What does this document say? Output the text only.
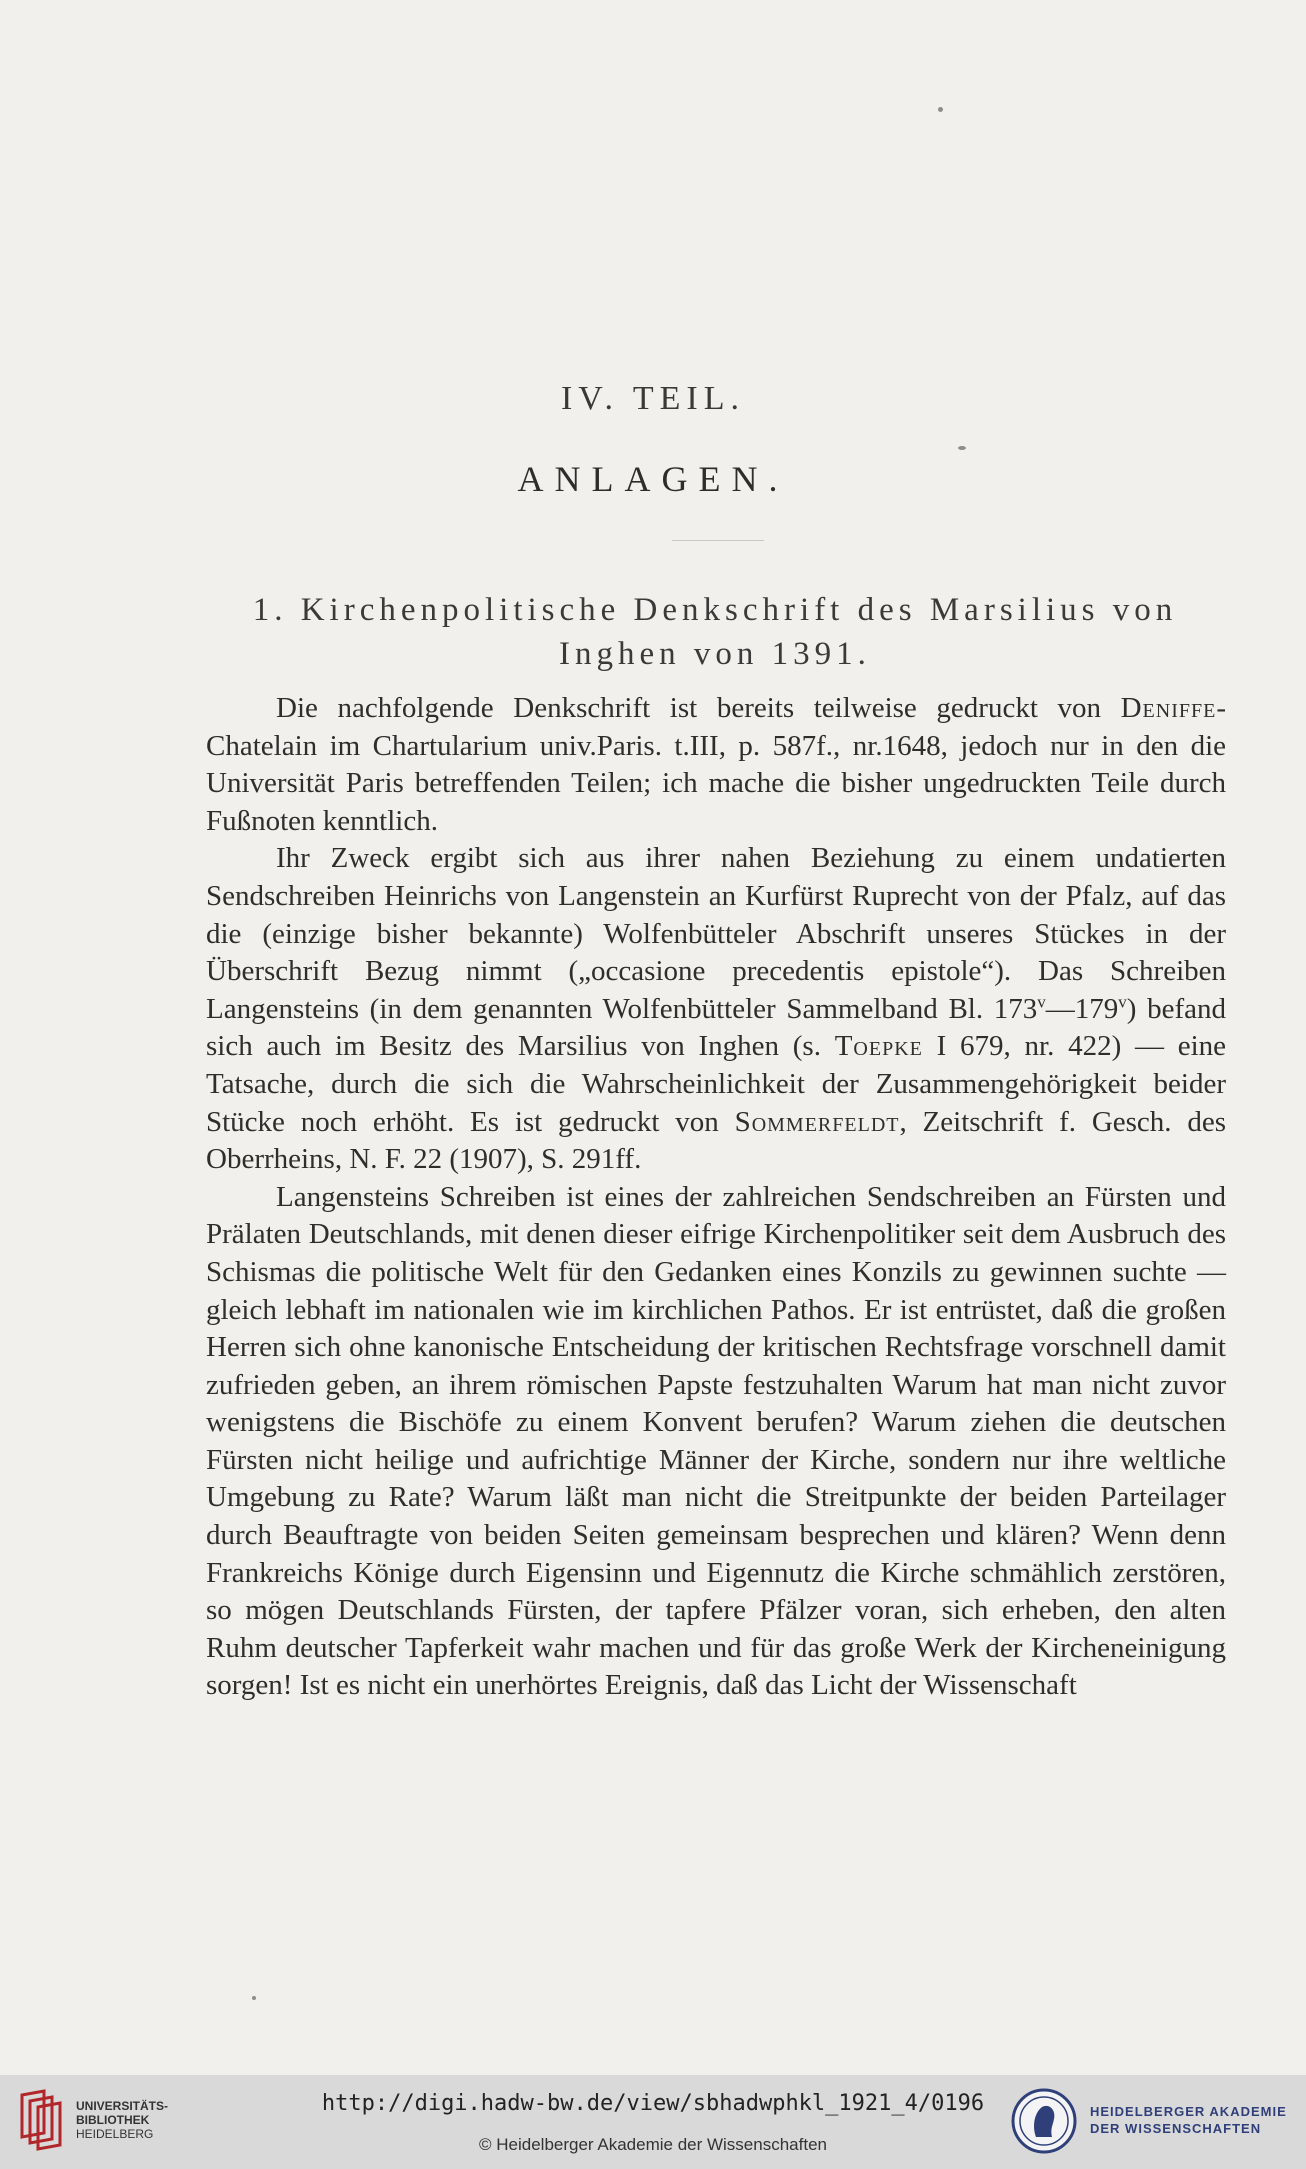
IV. TEIL.
ANLAGEN.
1. Kirchenpolitische Denkschrift des Marsilius von
Inghen von 1391.

Die nachfolgende Denkschrift ist bereits teilweise gedruckt von Deniffe-Chatelain im Chartularium univ.Paris. t.III, p. 587f., nr.1648, jedoch nur in den die Universität Paris betreffenden Teilen; ich mache die bisher ungedruckten Teile durch Fußnoten kenntlich.

Ihr Zweck ergibt sich aus ihrer nahen Beziehung zu einem undatierten Sendschreiben Heinrichs von Langenstein an Kurfürst Ruprecht von der Pfalz, auf das die (einzige bisher bekannte) Wolfenbütteler Abschrift unseres Stückes in der Überschrift Bezug nimmt („occasione precedentis epistole“). Das Schreiben Langensteins (in dem genannten Wolfenbütteler Sammelband Bl. 173$^v$—179$^v$) befand sich auch im Besitz des Marsilius von Inghen (s. Toepke I 679, nr. 422) — eine Tatsache, durch die sich die Wahrscheinlichkeit der Zusammengehörigkeit beider Stücke noch erhöht. Es ist gedruckt von Sommerfeldt, Zeitschrift f. Gesch. des Oberrheins, N. F. 22 (1907), S. 291ff.

Langensteins Schreiben ist eines der zahlreichen Sendschreiben an Fürsten und Prälaten Deutschlands, mit denen dieser eifrige Kirchenpolitiker seit dem Ausbruch des Schismas die politische Welt für den Gedanken eines Konzils zu gewinnen suchte — gleich lebhaft im nationalen wie im kirchlichen Pathos. Er ist entrüstet, daß die großen Herren sich ohne kanonische Entscheidung der kritischen Rechtsfrage vorschnell damit zufrieden geben, an ihrem römischen Papste festzuhalten Warum hat man nicht zuvor wenigstens die Bischöfe zu einem Konvent berufen? Warum ziehen die deutschen Fürsten nicht heilige und aufrichtige Männer der Kirche, sondern nur ihre weltliche Umgebung zu Rate? Warum läßt man nicht die Streitpunkte der beiden Parteilager durch Beauftragte von beiden Seiten gemeinsam besprechen und klären? Wenn denn Frankreichs Könige durch Eigensinn und Eigennutz die Kirche schmählich zerstören, so mögen Deutschlands Fürsten, der tapfere Pfälzer voran, sich erheben, den alten Ruhm deutscher Tapferkeit wahr machen und für das große Werk der Kircheneinigung sorgen! Ist es nicht ein unerhörtes Ereignis, daß das Licht der Wissenschaft

UNIVERSITÄTS-
BIBLIOTHEK
HEIDELBERG
http://digi.hadw-bw.de/view/sbhadwphkl_1921_4/0196
© Heidelberger Akademie der Wissenschaften
HEIDELBERGER AKADEMIE
DER WISSENSCHAFTEN
